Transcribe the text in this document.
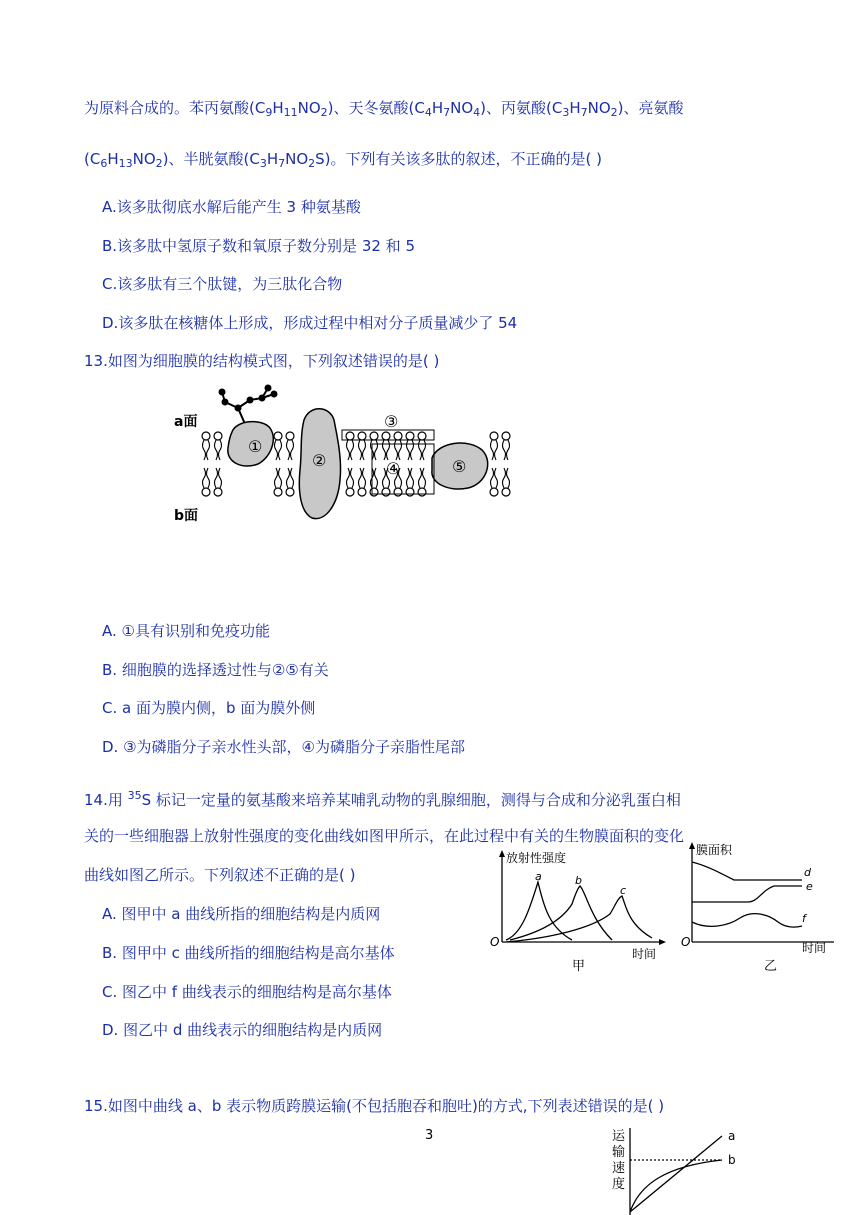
为原料合成的。苯丙氨酸$(C_9H_{11}NO_2)$、天冬氨酸$(C_4H_7NO_4)$、丙氨酸$(C_3H_7NO_2)$、亮氨酸
$(C_6H_{13}NO_2)$、半胱氨酸$(C_3H_7NO_2S)$。下列有关该多肽的叙述，不正确的是( )
A.该多肽彻底水解后能产生 3 种氨基酸
B.该多肽中氢原子数和氧原子数分别是 32 和 5
C.该多肽有三个肽键，为三肽化合物
D.该多肽在核糖体上形成，形成过程中相对分子质量减少了 54
13.如图为细胞膜的结构模式图，下列叙述错误的是( )
a面
b面
①
②
③
④	⑤
A. ①具有识别和免疫功能
B. 细胞膜的选择透过性与②⑤有关
C. a 面为膜内侧，b 面为膜外侧
D. ③为磷脂分子亲水性头部，④为磷脂分子亲脂性尾部
14.用 $^{35}$S 标记一定量的氨基酸来培养某哺乳动物的乳腺细胞，测得与合成和分泌乳蛋白相
关的一些细胞器上放射性强度的变化曲线如图甲所示，在此过程中有关的生物膜面积的变化
曲线如图乙所示。下列叙述不正确的是( )
A. 图甲中 a 曲线所指的细胞结构是内质网
B. 图甲中 c 曲线所指的细胞结构是高尔基体
C. 图乙中 f 曲线表示的细胞结构是高尔基体
D. 图乙中 d 曲线表示的细胞结构是内质网
放射性强度
a	b
c
O
时间
甲
膜面积
d
e
f
O	时间
乙
15.如图中曲线 a、b 表示物质跨膜运输(不包括胞吞和胞吐)的方式,下列表述错误的是( )
3	运
输
速
度
a
b
